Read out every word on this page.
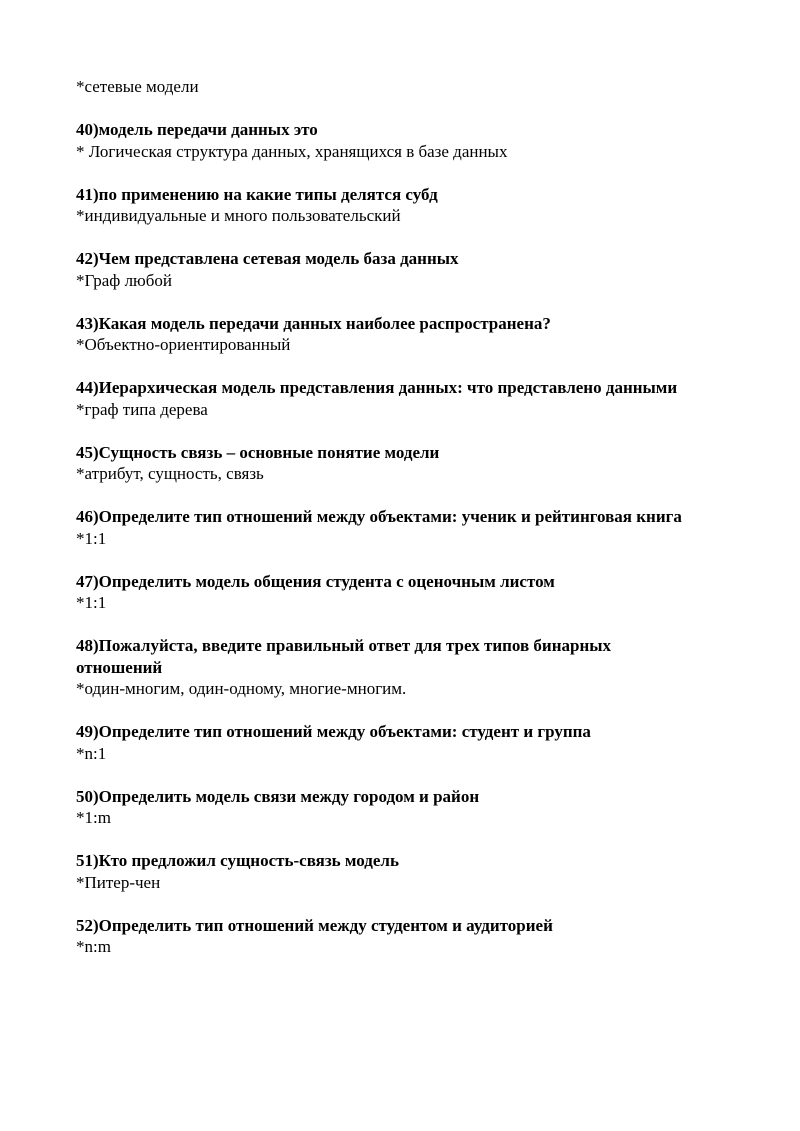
*сетевые модели

40)модель передачи данных это

* Логическая структура данных, хранящихся в базе данных

41)по применению на какие типы делятся субд

*индивидуальные и много пользовательский

42)Чем представлена сетевая модель база данных

*Граф любой

43)Какая модель передачи данных наиболее распространена?

*Объектно-ориентированный

44)Иерархическая модель представления данных: что представлено данными

*граф типа дерева

45)Сущность связь – основные понятие модели

*атрибут, сущность, связь

46)Определите тип отношений между объектами: ученик и рейтинговая книга

*1:1

47)Определить модель общения студента с оценочным листом

*1:1

48)Пожалуйста, введите правильный ответ для трех типов бинарных отношений

*один-многим, один-одному, многие-многим.

49)Определите тип отношений между объектами: студент и группа

*n:1

50)Определить модель связи между городом и район

*1:m

51)Кто предложил сущность-связь модель

*Питер-чен

52)Определить тип отношений между студентом и аудиторией

*n:m
